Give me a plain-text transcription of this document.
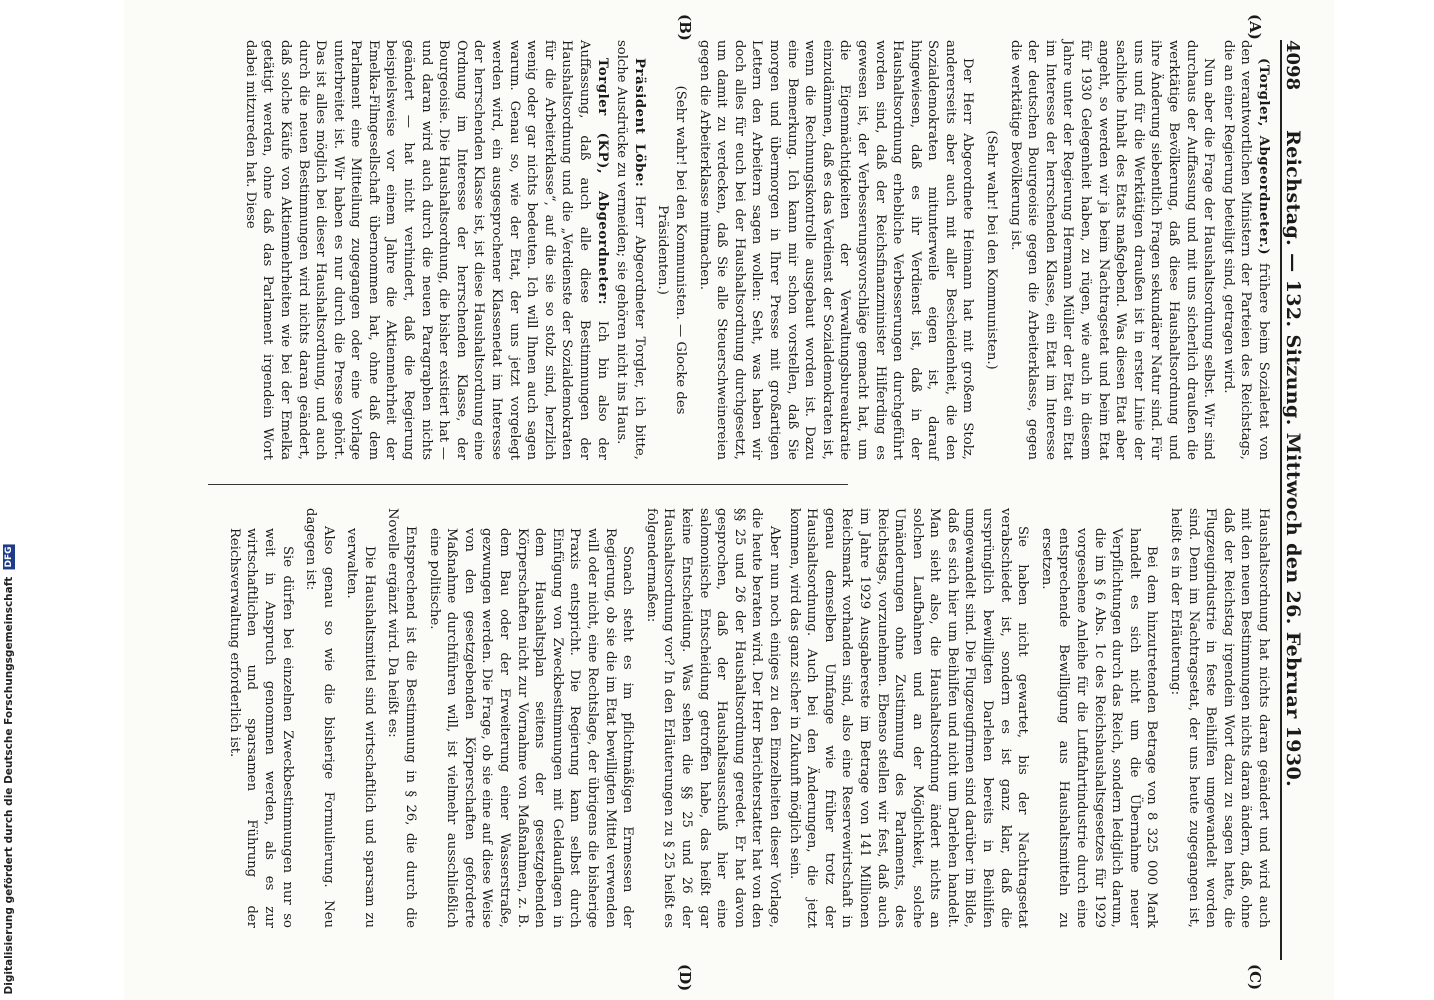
Digitalisierung gefördert durch die Deutsche Forschungsgemeinschaft DFG
4098
Reichstag. — 132. Sitzung. Mittwoch den 26. Februar 1930.
(A)
(B)
(C)
(D)

(Torgler, Abgeordneter.) frühere beim Sozialetat von den verantwortlichen Ministern der Parteien des Reichstags, die an einer Regierung beteiligt sind, getragen wird.

Nun aber die Frage der Haushaltsordnung selbst. Wir sind durchaus der Auffassung und mit uns sicherlich draußen die werktätige Bevölkerung, daß diese Haushaltsordnung und ihre Änderung siebentlich Fragen sekundärer Natur sind. Für uns und für die Werktätigen draußen ist in erster Linie der sachliche Inhalt des Etats maßgebend. Was diesen Etat aber angeht, so werden wir ja beim Nachtragsetat und beim Etat für 1930 Gelegenheit haben, zu rügen, wie auch in diesem Jahre unter der Regierung Hermann Müller der Etat ein Etat im Interesse der herrschenden Klasse, ein Etat im Interesse der deutschen Bourgeoisie gegen die Arbeiterklasse, gegen die werktätige Bevölkerung ist.

(Sehr wahr! bei den Kommunisten.)

Der Herr Abgeordnete Heimann hat mit großem Stolz, andererseits aber auch mit aller Bescheidenheit, die den Sozialdemokraten mitunterweile eigen ist, darauf hingewiesen, daß es ihr Verdienst ist, daß in der Haushaltsordnung erhebliche Verbesserungen durchgeführt worden sind, daß der Reichsfinanzminister Hilferding es gewesen ist, der Verbesserungsvorschläge gemacht hat, um die Eigenmächtigkeiten der Verwaltungsbureaukratie einzudämmen, daß es das Verdienst der Sozialdemokraten ist, wenn die Rechnungskontrolle ausgebaut worden ist. Dazu eine Bemerkung. Ich kann mir schon vorstellen, daß Sie morgen und übermorgen in Ihrer Presse mit großartigen Lettern den Arbeitern sagen wollen: Seht, was haben wir doch alles für euch bei der Haushaltsordnung durchgesetzt, um damit zu verdecken, daß Sie alle Steuerschweinereien gegen die Arbeiterklasse mitmachen.

(Sehr wahr! bei den Kommunisten. — Glocke des Präsidenten.)

Präsident Löbe: Herr Abgeordneter Torgler, ich bitte, solche Ausdrücke zu vermeiden; sie gehören nicht ins Haus.

Torgler (KP), Abgeordneter: Ich bin also der Auffassung, daß auch alle diese Bestimmungen der Haushaltsordnung und die „Verdienste der Sozialdemokraten für die Arbeiterklasse“, auf die sie so stolz sind, herzlich wenig oder gar nichts bedeuten. Ich will Ihnen auch sagen warum. Genau so, wie der Etat, der uns jetzt vorgelegt werden wird, ein ausgesprochener Klassenetat im Interesse der herrschenden Klasse ist, ist diese Haushaltsordnung eine Ordnung im Interesse der herrschenden Klasse, der Bourgeoisie. Die Haushaltsordnung, die bisher existiert hat — und daran wird auch durch die neuen Paragraphen nichts geändert — hat nicht verhindert, daß die Regierung beispielsweise vor einem Jahre die Aktienmehrheit der Emelka-Filmgesellschaft übernommen hat, ohne daß dem Parlament eine Mitteilung zugegangen oder eine Vorlage unterbreitet ist. Wir haben es nur durch die Presse gehört. Das ist alles möglich bei dieser Haushaltsordnung, und auch durch die neuen Bestimmungen wird nichts daran geändert, daß solche Käufe von Aktienmehrheiten wie bei der Emelka getätigt werden, ohne daß das Parlament irgendein Wort dabei mitzureden hat. Diese

Haushaltsordnung hat nichts daran geändert und wird auch mit den neuen Bestimmungen nichts daran ändern, daß, ohne daß der Reichstag irgendein Wort dazu zu sagen hatte, die Flugzeugindustrie in feste Beihilfen umgewandelt worden sind. Denn im Nachtragsetat, der uns heute zugegangen ist, heißt es in der Erläuterung:

Bei dem hinzutretenden Betrage von 8 325 000 Mark handelt es sich nicht um die Übernahme neuer Verpflichtungen durch das Reich, sondern lediglich darum, die im § 6 Abs. 1c des Reichshaushaltsgesetzes für 1929 vorgesehene Anleihe für die Luftfahrtindustrie durch eine entsprechende Bewilligung aus Haushaltsmitteln zu ersetzen.

Sie haben nicht gewartet, bis der Nachtragsetat verabschiedet ist, sondern es ist ganz klar, daß die ursprünglich bewilligten Darlehen bereits in Beihilfen umgewandelt sind. Die Flugzeugfirmen sind darüber im Bilde, daß es sich hier um Beihilfen und nicht um Darlehen handelt. Man sieht also, die Haushaltsordnung ändert nichts an solchen Laufbahnen und an der Möglichkeit, solche Umänderungen ohne Zustimmung des Parlaments, des Reichstags, vorzunehmen. Ebenso stellen wir fest, daß auch im Jahre 1929 Ausgabereste im Betrage von 141 Millionen Reichsmark vorhanden sind, also eine Reservewirtschaft in genau demselben Umfange wie früher trotz der Haushaltsordnung. Auch bei den Änderungen, die jetzt kommen, wird das ganz sicher in Zukunft möglich sein.

Aber nun noch einiges zu den Einzelheiten dieser Vorlage, die heute beraten wird. Der Herr Berichterstatter hat von den §§ 25 und 26 der Haushaltsordnung geredet. Er hat davon gesprochen, daß der Haushaltsausschuß hier eine salomonische Entscheidung getroffen habe, das heißt gar keine Entscheidung. Was sehen die §§ 25 und 26 der Haushaltsordnung vor? In den Erläuterungen zu § 25 heißt es folgendermaßen:

Sonach steht es im pflichtmäßigen Ermessen der Regierung, ob sie die im Etat bewilligten Mittel verwenden will oder nicht, eine Rechtslage, der übrigens die bisherige Praxis entspricht. Die Regierung kann selbst durch Einfügung von Zweckbestimmungen mit Geldauflagen in dem Haushaltsplan seitens der gesetzgebenden Körperschaften nicht zur Vornahme von Maßnahmen, z. B. dem Bau oder der Erweiterung einer Wasserstraße, gezwungen werden. Die Frage, ob sie eine auf diese Weise von den gesetzgebenden Körperschaften geforderte Maßnahme durchführen will, ist vielmehr ausschließlich eine politische.

Entsprechend ist die Bestimmung in § 26, die durch die Novelle ergänzt wird. Da heißt es:

Die Haushaltsmittel sind wirtschaftlich und sparsam zu verwalten.

Also genau so wie die bisherige Formulierung. Neu dagegen ist:

Sie dürfen bei einzelnen Zweckbestimmungen nur so weit in Anspruch genommen werden, als es zur wirtschaftlichen und sparsamen Führung der Reichsverwaltung erforderlich ist.
